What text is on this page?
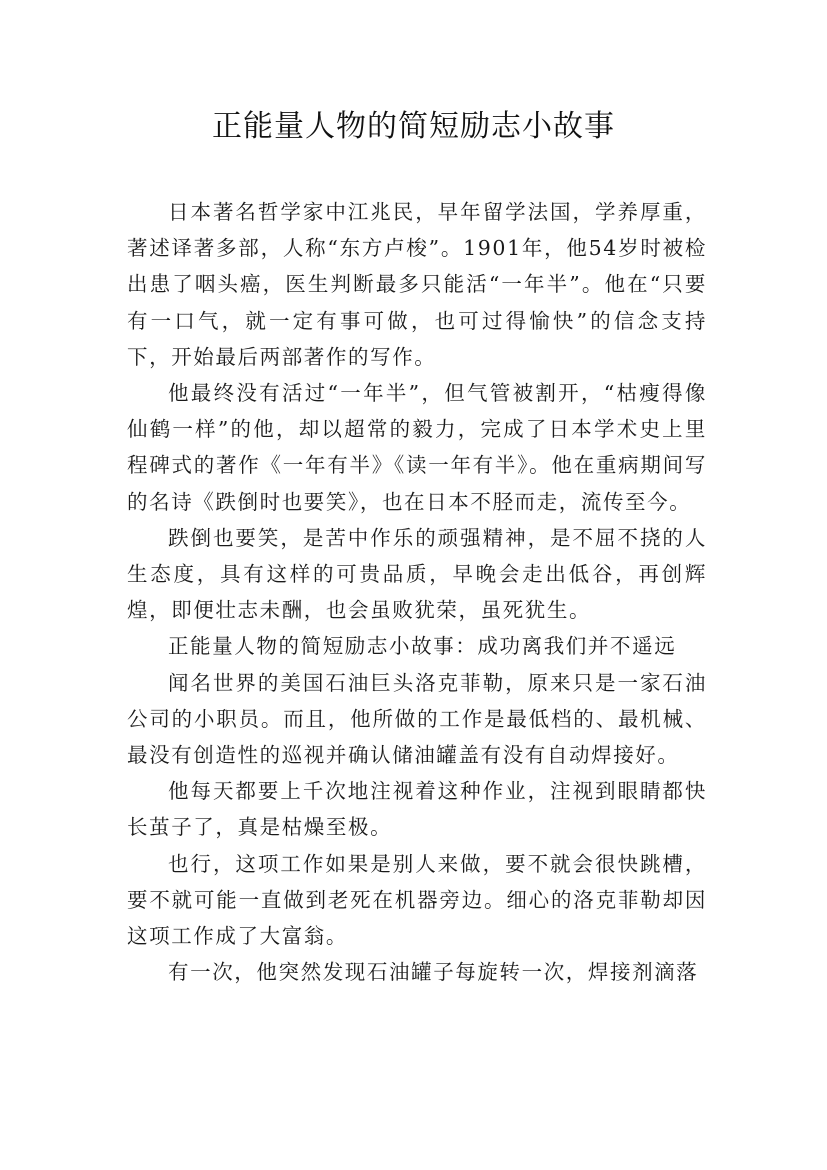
正能量人物的简短励志小故事

日本著名哲学家中江兆民，早年留学法国，学养厚重，著述译著多部，人称“东方卢梭”。1901年，他54岁时被检出患了咽头癌，医生判断最多只能活“一年半”。他在“只要有一口气，就一定有事可做，也可过得愉快”的信念支持下，开始最后两部著作的写作。

他最终没有活过“一年半”，但气管被割开，“枯瘦得像仙鹤一样”的他，却以超常的毅力，完成了日本学术史上里程碑式的著作《一年有半》《读一年有半》。他在重病期间写的名诗《跌倒时也要笑》，也在日本不胫而走，流传至今。

跌倒也要笑，是苦中作乐的顽强精神，是不屈不挠的人生态度，具有这样的可贵品质，早晚会走出低谷，再创辉煌，即便壮志未酬，也会虽败犹荣，虽死犹生。

正能量人物的简短励志小故事：成功离我们并不遥远

闻名世界的美国石油巨头洛克菲勒，原来只是一家石油公司的小职员。而且，他所做的工作是最低档的、最机械、最没有创造性的巡视并确认储油罐盖有没有自动焊接好。

他每天都要上千次地注视着这种作业，注视到眼睛都快长茧子了，真是枯燥至极。

也行，这项工作如果是别人来做，要不就会很快跳槽，要不就可能一直做到老死在机器旁边。细心的洛克菲勒却因这项工作成了大富翁。

有一次，他突然发现石油罐子每旋转一次，焊接剂滴落
